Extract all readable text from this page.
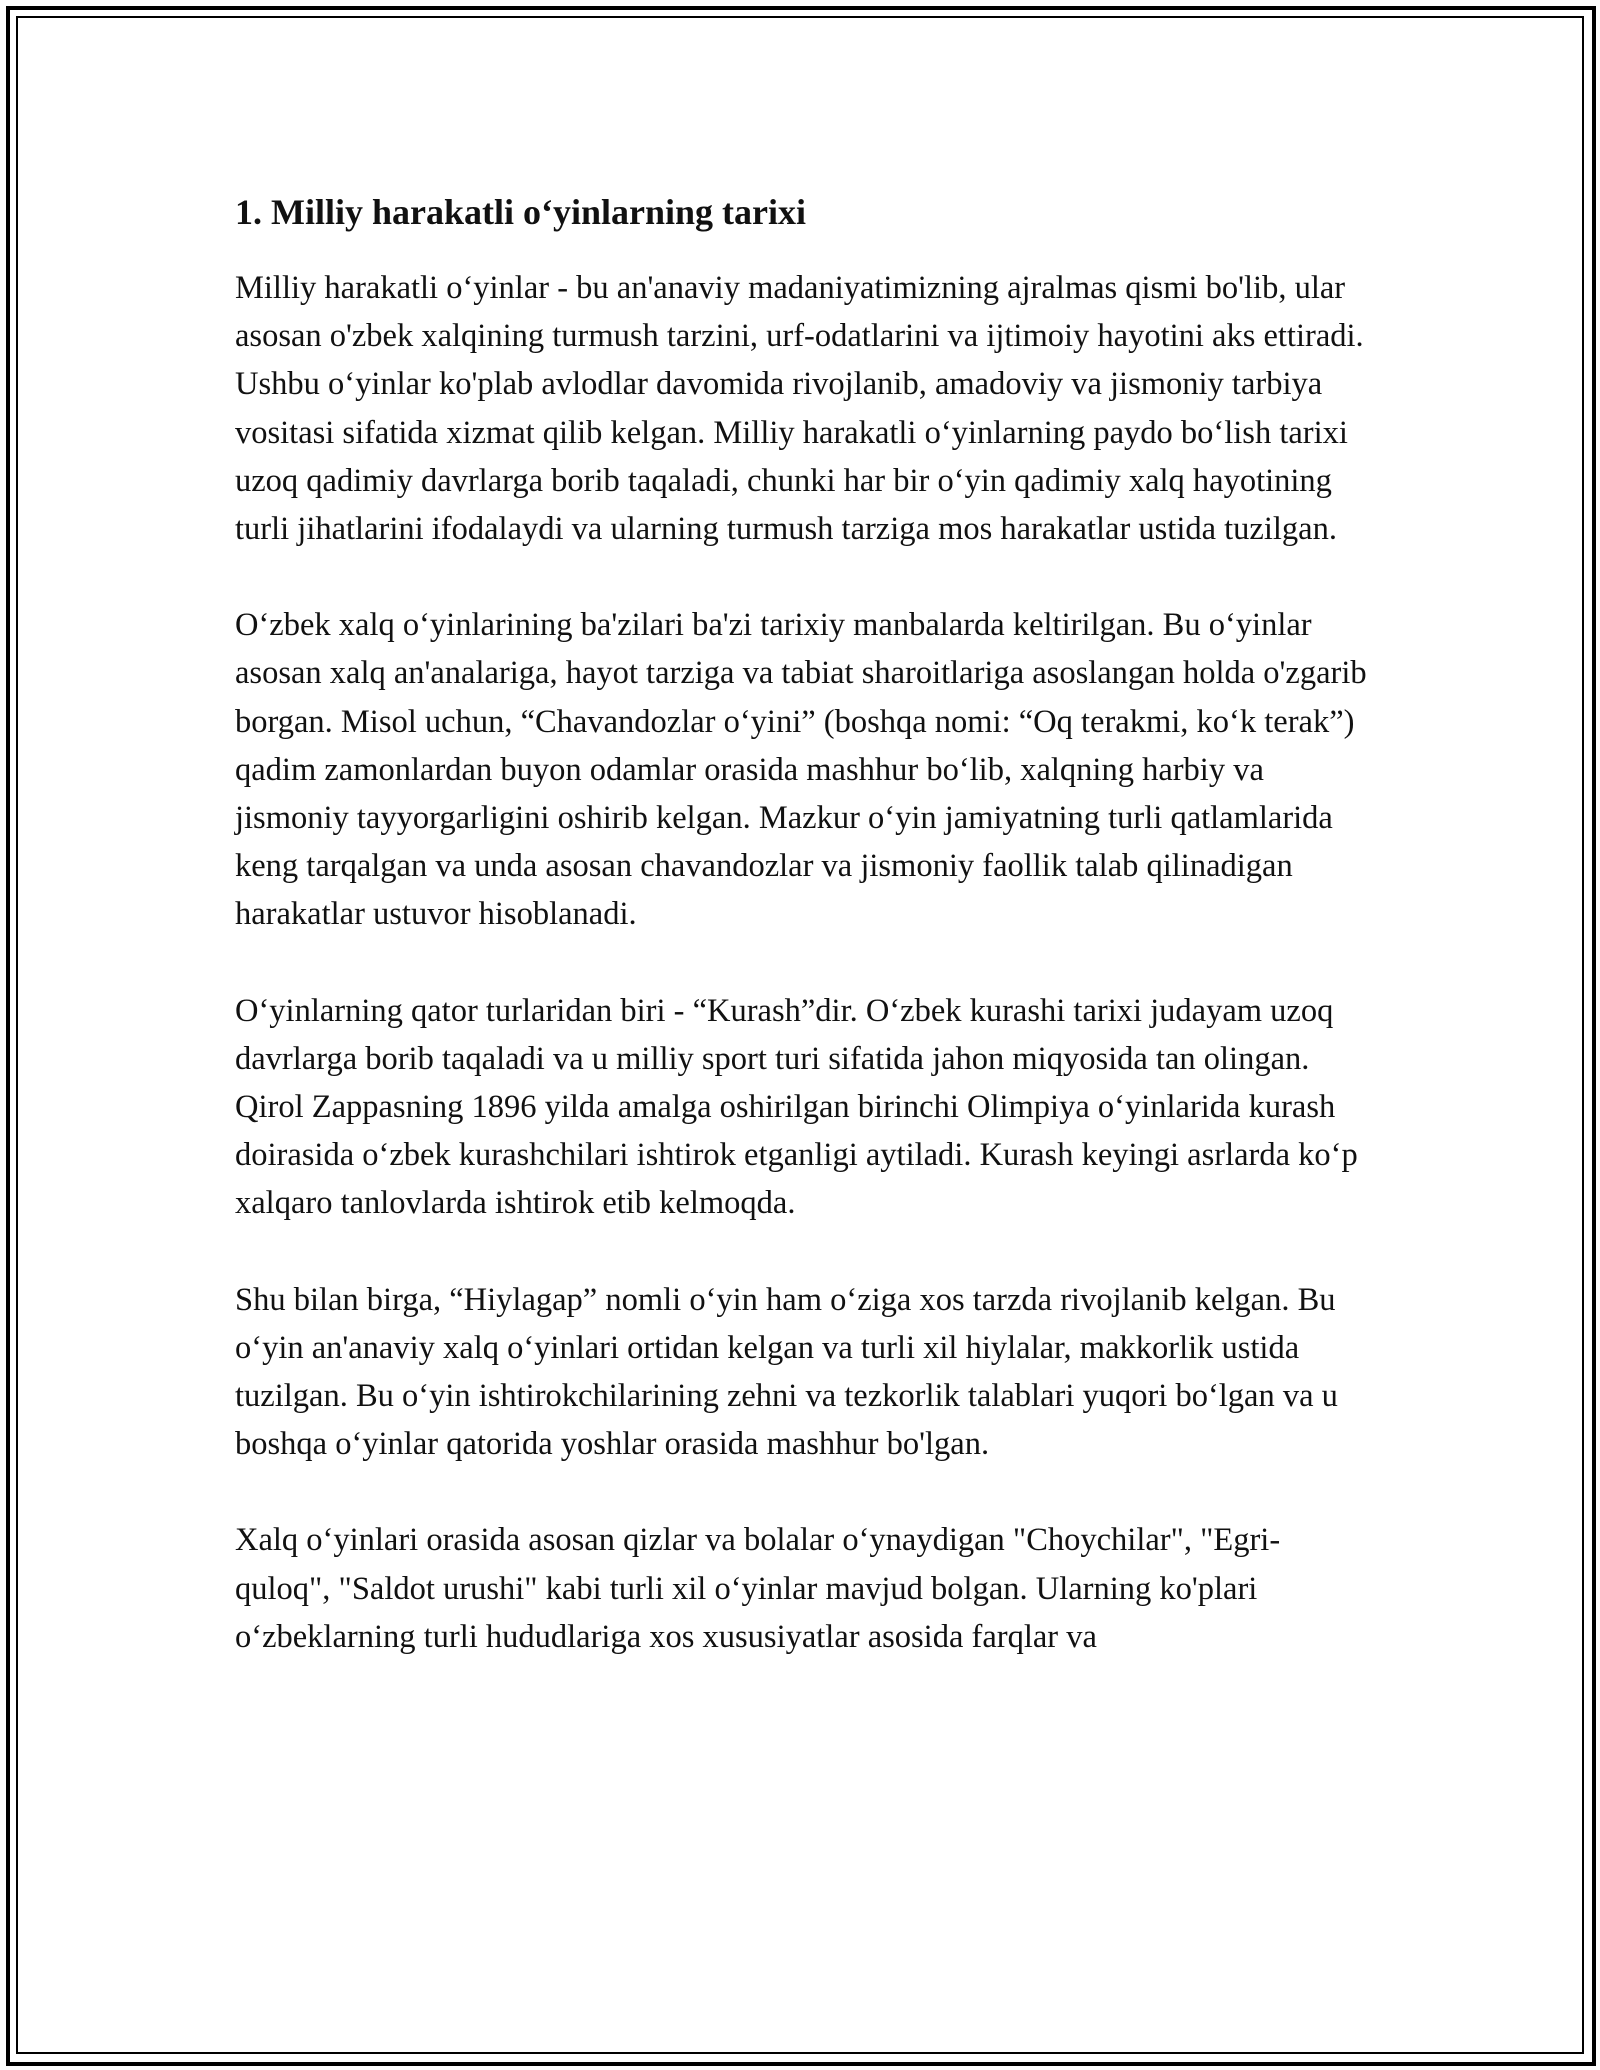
1. Milliy harakatli o‘yinlarning tarixi

Milliy harakatli o‘yinlar - bu an'anaviy madaniyatimizning ajralmas qismi bo'lib, ular asosan o'zbek xalqining turmush tarzini, urf-odatlarini va ijtimoiy hayotini aks ettiradi. Ushbu o‘yinlar ko'plab avlodlar davomida rivojlanib, amadoviy va jismoniy tarbiya vositasi sifatida xizmat qilib kelgan. Milliy harakatli o‘yinlarning paydo bo‘lish tarixi uzoq qadimiy davrlarga borib taqaladi, chunki har bir o‘yin qadimiy xalq hayotining turli jihatlarini ifodalaydi va ularning turmush tarziga mos harakatlar ustida tuzilgan.

O‘zbek xalq o‘yinlarining ba'zilari ba'zi tarixiy manbalarda keltirilgan. Bu o‘yinlar asosan xalq an'analariga, hayot tarziga va tabiat sharoitlariga asoslangan holda o'zgarib borgan. Misol uchun, “Chavandozlar o‘yini” (boshqa nomi: “Oq terakmi, ko‘k terak”) qadim zamonlardan buyon odamlar orasida mashhur bo‘lib, xalqning harbiy va jismoniy tayyorgarligini oshirib kelgan. Mazkur o‘yin jamiyatning turli qatlamlarida keng tarqalgan va unda asosan chavandozlar va jismoniy faollik talab qilinadigan harakatlar ustuvor hisoblanadi.

O‘yinlarning qator turlaridan biri - “Kurash”dir. O‘zbek kurashi tarixi judayam uzoq davrlarga borib taqaladi va u milliy sport turi sifatida jahon miqyosida tan olingan. Qirol Zappasning 1896 yilda amalga oshirilgan birinchi Olimpiya o‘yinlarida kurash doirasida o‘zbek kurashchilari ishtirok etganligi aytiladi. Kurash keyingi asrlarda ko‘p xalqaro tanlovlarda ishtirok etib kelmoqda.

Shu bilan birga, “Hiylagap” nomli o‘yin ham o‘ziga xos tarzda rivojlanib kelgan. Bu o‘yin an'anaviy xalq o‘yinlari ortidan kelgan va turli xil hiylalar, makkorlik ustida tuzilgan. Bu o‘yin ishtirokchilarining zehni va tezkorlik talablari yuqori bo‘lgan va u boshqa o‘yinlar qatorida yoshlar orasida mashhur bo'lgan.

Xalq o‘yinlari orasida asosan qizlar va bolalar o‘ynaydigan "Choychilar", "Egri-quloq", "Saldot urushi" kabi turli xil o‘yinlar mavjud bolgan. Ularning ko'plari o‘zbeklarning turli hududlariga xos xususiyatlar asosida farqlar va
